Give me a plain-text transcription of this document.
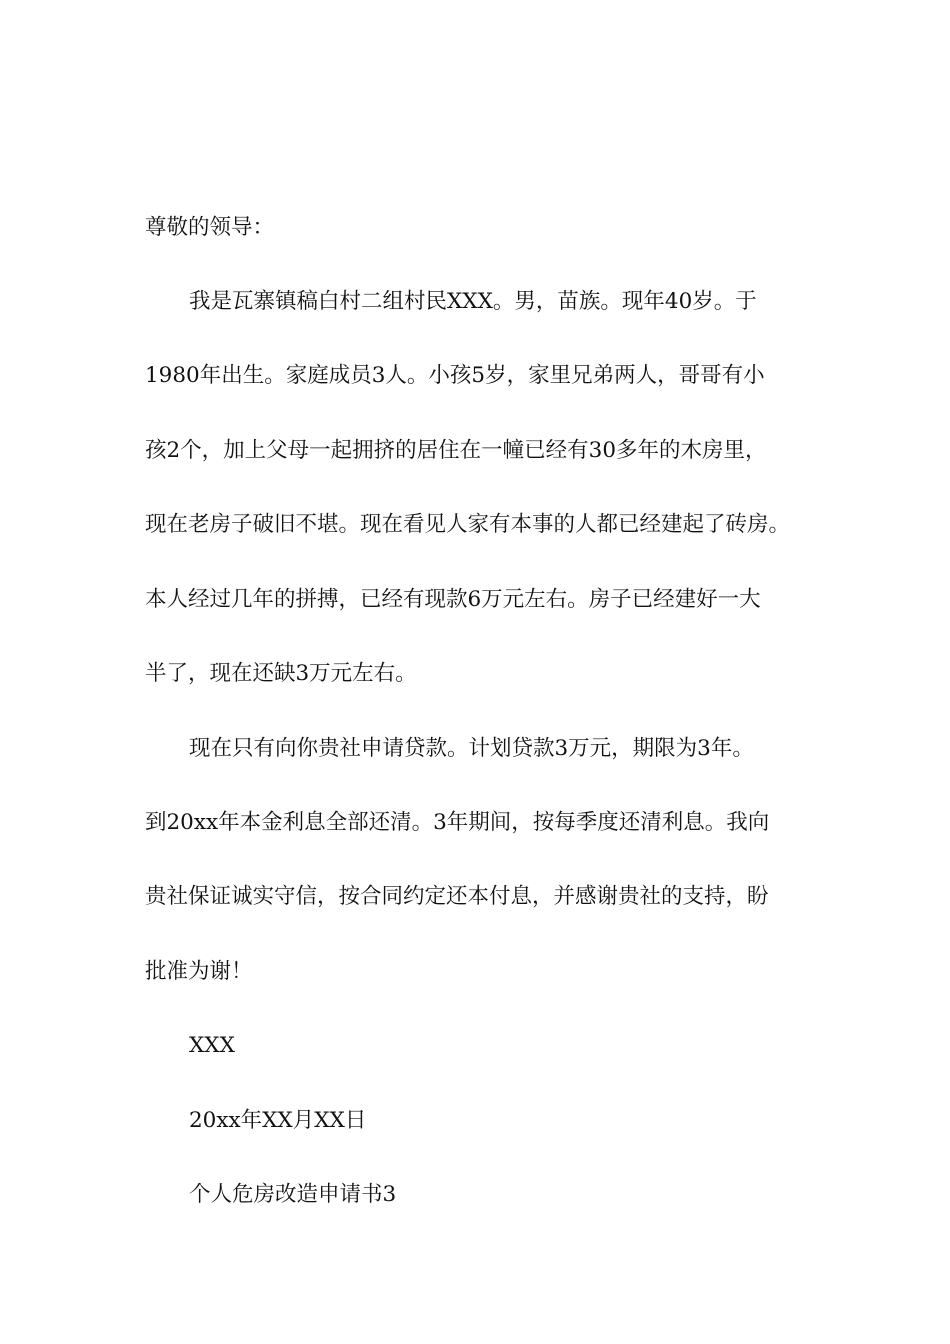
尊敬的领导：
我是瓦寨镇稿白村二组村民XXX。男，苗族。现年40岁。于
1980年出生。家庭成员3人。小孩5岁，家里兄弟两人，哥哥有小
孩2个，加上父母一起拥挤的居住在一幢已经有30多年的木房里，
现在老房子破旧不堪。现在看见人家有本事的人都已经建起了砖房。
本人经过几年的拼搏，已经有现款6万元左右。房子已经建好一大
半了，现在还缺3万元左右。
现在只有向你贵社申请贷款。计划贷款3万元，期限为3年。
到20xx年本金利息全部还清。3年期间，按每季度还清利息。我向
贵社保证诚实守信，按合同约定还本付息，并感谢贵社的支持，盼
批准为谢！
XXX
20xx年XX月XX日
个人危房改造申请书3
